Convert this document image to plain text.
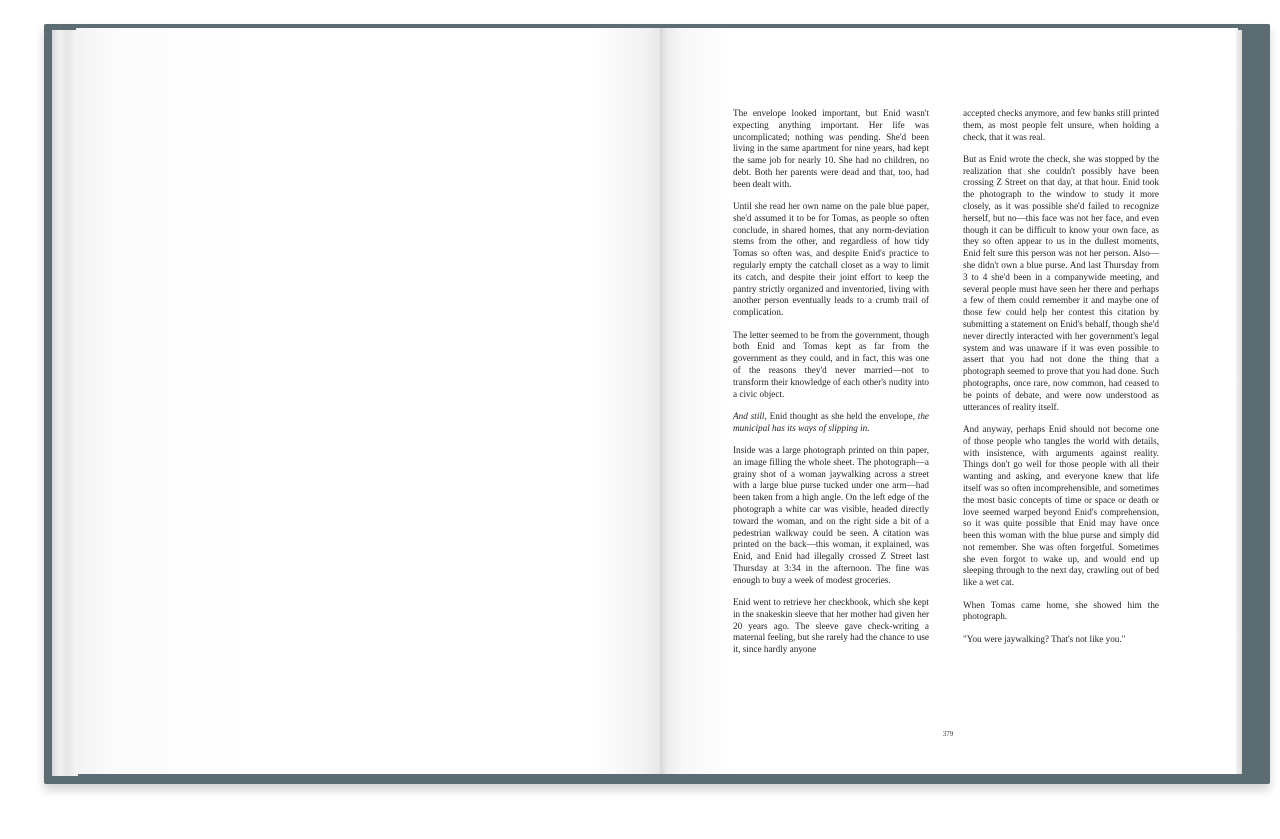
The envelope looked important, but Enid wasn't expecting anything important. Her life was uncomplicated; nothing was pending. She'd been living in the same apartment for nine years, had kept the same job for nearly 10. She had no children, no debt. Both her parents were dead and that, too, had been dealt with.

Until she read her own name on the pale blue paper, she'd assumed it to be for Tomas, as people so often conclude, in shared homes, that any norm-deviation stems from the other, and regardless of how tidy Tomas so often was, and despite Enid's practice to regularly empty the catchall closet as a way to limit its catch, and despite their joint effort to keep the pantry strictly organized and inventoried, living with another person eventually leads to a crumb trail of complication.

The letter seemed to be from the government, though both Enid and Tomas kept as far from the government as they could, and in fact, this was one of the reasons they'd never married—not to transform their knowledge of each other's nudity into a civic object.

And still, Enid thought as she held the envelope, the municipal has its ways of slipping in.

Inside was a large photograph printed on thin paper, an image filling the whole sheet. The photograph—a grainy shot of a woman jaywalking across a street with a large blue purse tucked under one arm—had been taken from a high angle. On the left edge of the photograph a white car was visible, headed directly toward the woman, and on the right side a bit of a pedestrian walkway could be seen. A citation was printed on the back—this woman, it explained, was Enid, and Enid had illegally crossed Z Street last Thursday at 3:34 in the afternoon. The fine was enough to buy a week of modest groceries.

Enid went to retrieve her checkbook, which she kept in the snakeskin sleeve that her mother had given her 20 years ago. The sleeve gave check-writing a maternal feeling, but she rarely had the chance to use it, since hardly anyone

accepted checks anymore, and few banks still printed them, as most people felt unsure, when holding a check, that it was real.

But as Enid wrote the check, she was stopped by the realization that she couldn't possibly have been crossing Z Street on that day, at that hour. Enid took the photograph to the window to study it more closely, as it was possible she'd failed to recognize herself, but no—this face was not her face, and even though it can be difficult to know your own face, as they so often appear to us in the dullest moments, Enid felt sure this person was not her person. Also—she didn't own a blue purse. And last Thursday from 3 to 4 she'd been in a companywide meeting, and several people must have seen her there and perhaps a few of them could remember it and maybe one of those few could help her contest this citation by submitting a statement on Enid's behalf, though she'd never directly interacted with her government's legal system and was unaware if it was even possible to assert that you had not done the thing that a photograph seemed to prove that you had done. Such photographs, once rare, now common, had ceased to be points of debate, and were now understood as utterances of reality itself.

And anyway, perhaps Enid should not become one of those people who tangles the world with details, with insistence, with arguments against reality. Things don't go well for those people with all their wanting and asking, and everyone knew that life itself was so often incomprehensible, and sometimes the most basic concepts of time or space or death or love seemed warped beyond Enid's comprehension, so it was quite possible that Enid may have once been this woman with the blue purse and simply did not remember. She was often forgetful. Sometimes she even forgot to wake up, and would end up sleeping through to the next day, crawling out of bed like a wet cat.

When Tomas came home, she showed him the photograph.

"You were jaywalking? That's not like you."

379
